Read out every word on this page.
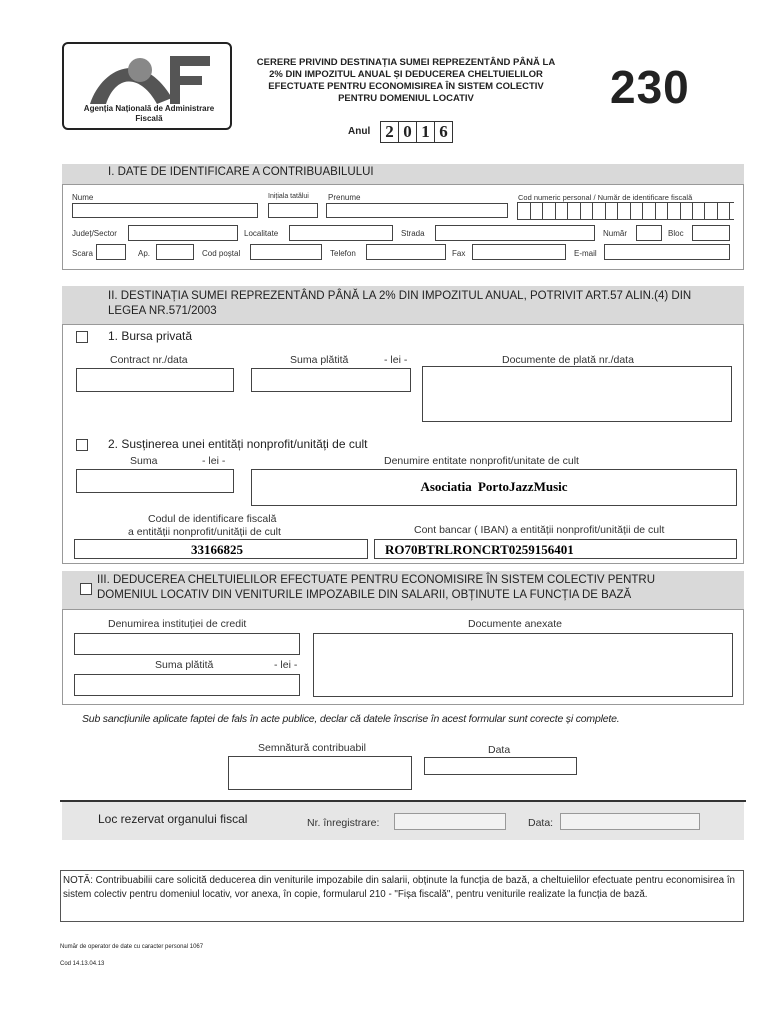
Agenția Națională de Administrare Fiscală
CERERE PRIVIND DESTINAȚIA SUMEI REPREZENTÂND PÂNĂ LA 2% DIN IMPOZITUL ANUAL ȘI DEDUCEREA CHELTUIELILOR EFECTUATE PENTRU ECONOMISIREA ÎN SISTEM COLECTIV PENTRU DOMENIUL LOCATIV	230
Anul 2 0 1 6
I. DATE DE IDENTIFICARE A CONTRIBUABILULUI
Nume	Inițiala tatălui Prenume	Cod numeric personal / Număr de identificare fiscală
Județ/Sector	Localitate	Strada	Număr	Bloc
Scara	Ap.	Cod poștal	Telefon	Fax	E-mail
II. DESTINAȚIA SUMEI REPREZENTÂND PÂNĂ LA 2% DIN IMPOZITUL ANUAL, POTRIVIT ART.57 ALIN.(4) DIN LEGEA NR.571/2003
1. Bursa privată
Contract nr./data	Suma plătită	- lei -	Documente de plată nr./data
2. Susținerea unei entități nonprofit/unități de cult
Suma	- lei -	Denumire entitate nonprofit/unitate de cult
Asociatia PortoJazzMusic
Codul de identificare fiscală
a entității nonprofit/unității de cult	Cont bancar ( IBAN) a entității nonprofit/unității de cult
33166825	RO70BTRLRONCRT0259156401
III. DEDUCEREA CHELTUIELILOR EFECTUATE PENTRU ECONOMISIRE ÎN SISTEM COLECTIV PENTRU DOMENIUL LOCATIV DIN VENITURILE IMPOZABILE DIN SALARII, OBȚINUTE LA FUNCȚIA DE BAZĂ
Denumirea instituției de credit	Documente anexate
Suma plătită	- lei -
Sub sancțiunile aplicate faptei de fals în acte publice, declar că datele înscrise în acest formular sunt corecte și complete.
Semnătură contribuabil	Data
Loc rezervat organului fiscal	Nr. înregistrare:	Data:
NOTĂ: Contribuabilii care solicită deducerea din veniturile impozabile din salarii, obținute la funcția de bază, a cheltuielilor efectuate pentru economisirea în sistem colectiv pentru domeniul locativ, vor anexa, în copie, formularul 210 - "Fișa fiscală", pentru veniturile realizate la funcția de bază.
Număr de operator de date cu caracter personal 1067
Cod 14.13.04.13
